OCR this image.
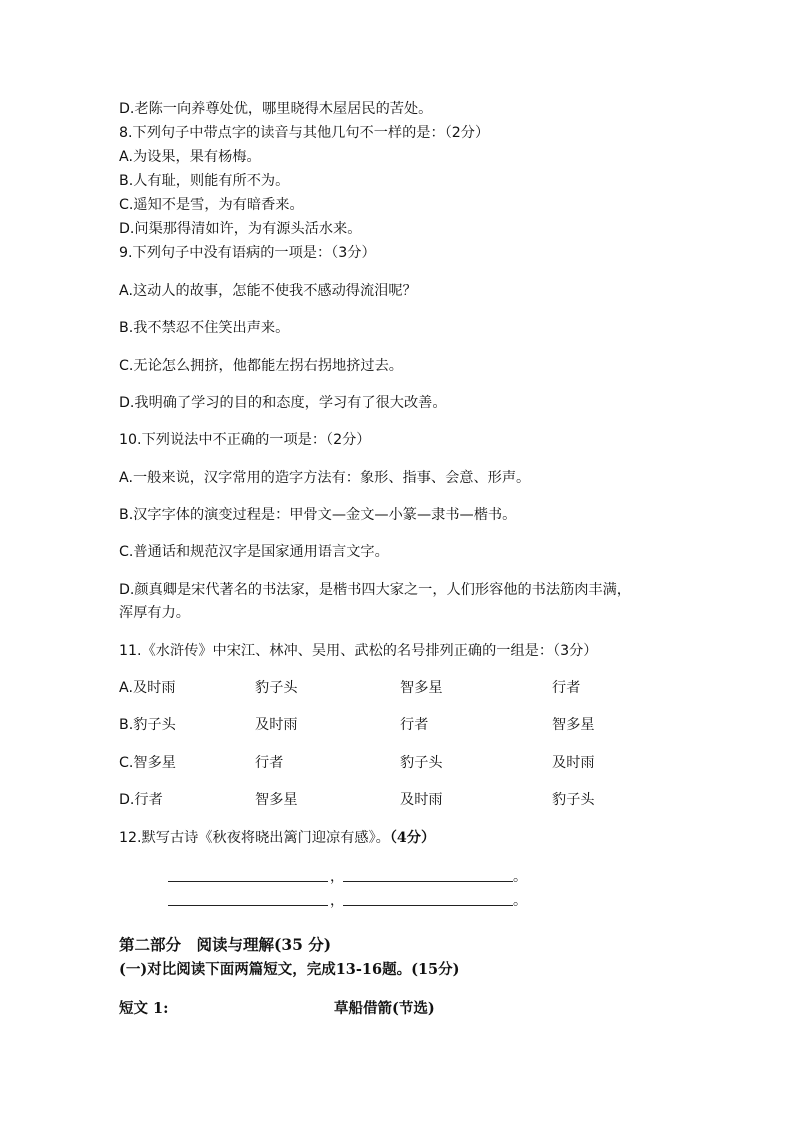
D.老陈一向养尊处优，哪里晓得木屋居民的苦处。
8.下列句子中带点字的读音与其他几句不一样的是：（2分）
A.为设果，果有杨梅。
B.人有耻，则能有所不为。
C.遥知不是雪，为有暗香来。
D.问渠那得清如许，为有源头活水来。
9.下列句子中没有语病的一项是：（3分）
A.这动人的故事，怎能不使我不感动得流泪呢？
B.我不禁忍不住笑出声来。
C.无论怎么拥挤，他都能左拐右拐地挤过去。
D.我明确了学习的目的和态度，学习有了很大改善。
10.下列说法中不正确的一项是：（2分）
A.一般来说，汉字常用的造字方法有：象形、指事、会意、形声。
B.汉字字体的演变过程是：甲骨文—金文—小篆—隶书—楷书。
C.普通话和规范汉字是国家通用语言文字。
D.颜真卿是宋代著名的书法家，是楷书四大家之一，人们形容他的书法筋肉丰满，
浑厚有力。
11.《水浒传》中宋江、林冲、吴用、武松的名号排列正确的一组是：（3分）
A.及时雨	豹子头	智多星	行者
B.豹子头	及时雨	行者	智多星
C.智多星	行者	豹子头	及时雨
D.行者	智多星	及时雨	豹子头
12.默写古诗《秋夜将晓出篱门迎凉有感》。（4分）
，	。
，	。
第二部分　阅读与理解(35 分)
(一)对比阅读下面两篇短文，完成13-16题。(15分)
短文 1:	草船借箭(节选)
